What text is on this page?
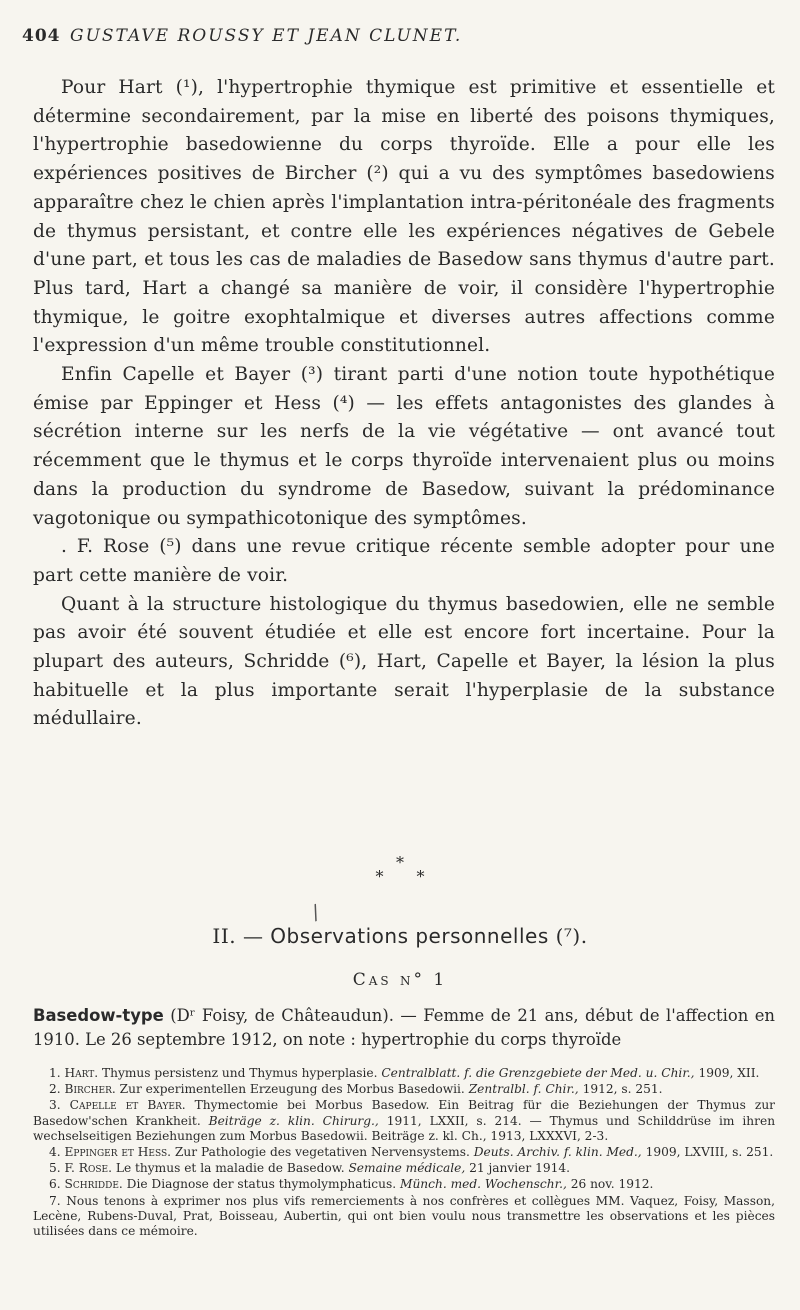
404 GUSTAVE ROUSSY ET JEAN CLUNET.

Pour Hart (¹), l'hypertrophie thymique est primitive et essentielle et détermine secondairement, par la mise en liberté des poisons thymiques, l'hypertrophie basedowienne du corps thyroïde. Elle a pour elle les expériences positives de Bircher (²) qui a vu des symptômes basedowiens apparaître chez le chien après l'implantation intra-péritonéale des fragments de thymus persistant, et contre elle les expériences négatives de Gebele d'une part, et tous les cas de maladies de Basedow sans thymus d'autre part. Plus tard, Hart a changé sa manière de voir, il considère l'hypertrophie thymique, le goitre exophtalmique et diverses autres affections comme l'expression d'un même trouble constitutionnel.

Enfin Capelle et Bayer (³) tirant parti d'une notion toute hypothétique émise par Eppinger et Hess (⁴) — les effets antagonistes des glandes à sécrétion interne sur les nerfs de la vie végétative — ont avancé tout récemment que le thymus et le corps thyroïde intervenaient plus ou moins dans la production du syndrome de Basedow, suivant la prédominance vagotonique ou sympathicotonique des symptômes.

. F. Rose (⁵) dans une revue critique récente semble adopter pour une part cette manière de voir.

Quant à la structure histologique du thymus basedowien, elle ne semble pas avoir été souvent étudiée et elle est encore fort incertaine. Pour la plupart des auteurs, Schridde (⁶), Hart, Capelle et Bayer, la lésion la plus habituelle et la plus importante serait l'hyperplasie de la substance médullaire.

*
* *
/
II. — Observations personnelles (⁷).
Cas n° 1
Basedow-type (Dʳ Foisy, de Châteaudun). — Femme de 21 ans, début de l'affection en 1910. Le 26 septembre 1912, on note : hypertrophie du corps thyroïde
1. Hart. Thymus persistenz und Thymus hyperplasie. Centralblatt. f. die Grenzgebiete der Med. u. Chir., 1909, XII.
2. Bircher. Zur experimentellen Erzeugung des Morbus Basedowii. Zentralbl. f. Chir., 1912, s. 251.
3. Capelle et Bayer. Thymectomie bei Morbus Basedow. Ein Beitrag für die Beziehungen der Thymus zur Basedow'schen Krankheit. Beiträge z. klin. Chirurg., 1911, LXXII, s. 214. — Thymus und Schilddrüse im ihren wechselseitigen Beziehungen zum Morbus Basedowii. Beiträge z. kl. Ch., 1913, LXXXVI, 2-3.
4. Eppinger et Hess. Zur Pathologie des vegetativen Nervensystems. Deuts. Archiv. f. klin. Med., 1909, LXVIII, s. 251.
5. F. Rose. Le thymus et la maladie de Basedow. Semaine médicale, 21 janvier 1914.
6. Schridde. Die Diagnose der status thymolymphaticus. Münch. med. Wochenschr., 26 nov. 1912.
7. Nous tenons à exprimer nos plus vifs remerciements à nos confrères et collègues MM. Vaquez, Foisy, Masson, Lecène, Rubens-Duval, Prat, Boisseau, Aubertin, qui ont bien voulu nous transmettre les observations et les pièces utilisées dans ce mémoire.
